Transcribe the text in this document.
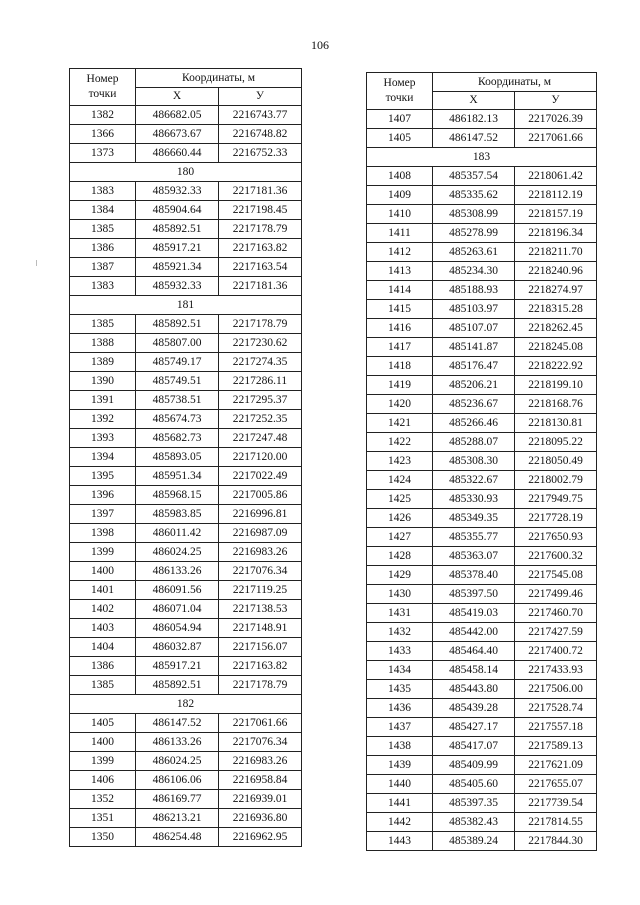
106
Номер
точки	Координаты, м	
	X	У
1382	486682.05	2216743.77
1366	486673.67	2216748.82
1373	486660.44	2216752.33
180		
1383	485932.33	2217181.36
1384	485904.64	2217198.45
1385	485892.51	2217178.79
1386	485917.21	2217163.82
1387	485921.34	2217163.54
1383	485932.33	2217181.36
181		
1385	485892.51	2217178.79
1388	485807.00	2217230.62
1389	485749.17	2217274.35
1390	485749.51	2217286.11
1391	485738.51	2217295.37
1392	485674.73	2217252.35
1393	485682.73	2217247.48
1394	485893.05	2217120.00
1395	485951.34	2217022.49
1396	485968.15	2217005.86
1397	485983.85	2216996.81
1398	486011.42	2216987.09
1399	486024.25	2216983.26
1400	486133.26	2217076.34
1401	486091.56	2217119.25
1402	486071.04	2217138.53
1403	486054.94	2217148.91
1404	486032.87	2217156.07
1386	485917.21	2217163.82
1385	485892.51	2217178.79
182		
1405	486147.52	2217061.66
1400	486133.26	2217076.34
1399	486024.25	2216983.26
1406	486106.06	2216958.84
1352	486169.77	2216939.01
1351	486213.21	2216936.80
1350	486254.48	2216962.95
Номер
точки	Координаты, м	
	X	У
1407	486182.13	2217026.39
1405	486147.52	2217061.66
183		
1408	485357.54	2218061.42
1409	485335.62	2218112.19
1410	485308.99	2218157.19
1411	485278.99	2218196.34
1412	485263.61	2218211.70
1413	485234.30	2218240.96
1414	485188.93	2218274.97
1415	485103.97	2218315.28
1416	485107.07	2218262.45
1417	485141.87	2218245.08
1418	485176.47	2218222.92
1419	485206.21	2218199.10
1420	485236.67	2218168.76
1421	485266.46	2218130.81
1422	485288.07	2218095.22
1423	485308.30	2218050.49
1424	485322.67	2218002.79
1425	485330.93	2217949.75
1426	485349.35	2217728.19
1427	485355.77	2217650.93
1428	485363.07	2217600.32
1429	485378.40	2217545.08
1430	485397.50	2217499.46
1431	485419.03	2217460.70
1432	485442.00	2217427.59
1433	485464.40	2217400.72
1434	485458.14	2217433.93
1435	485443.80	2217506.00
1436	485439.28	2217528.74
1437	485427.17	2217557.18
1438	485417.07	2217589.13
1439	485409.99	2217621.09
1440	485405.60	2217655.07
1441	485397.35	2217739.54
1442	485382.43	2217814.55
1443	485389.24	2217844.30
